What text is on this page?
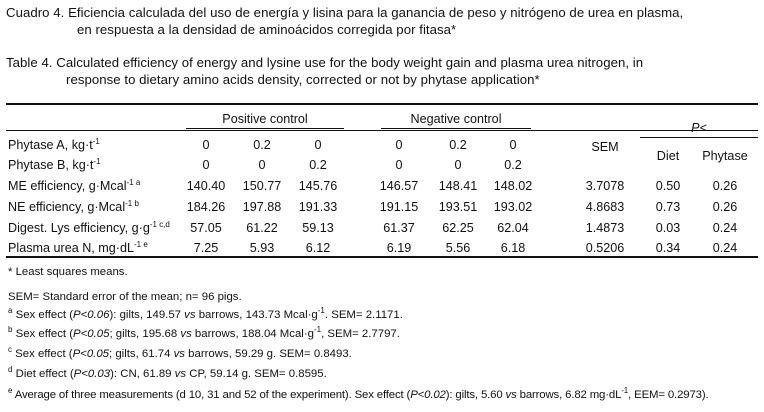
Cuadro 4. Eficiencia calculada del uso de energía y lisina para la ganancia de peso y nitrógeno de urea en plasma,
en respuesta a la densidad de aminoácidos corregida por fitasa*
Table 4. Calculated efficiency of energy and lysine use for the body weight gain and plasma urea nitrogen, in
response to dietary amino acids density, corrected or not by phytase application*
Positive control	Negative control
SEM
P<
Diet	Phytase
Phytase A, $kg\cdot t^{-1}$	0	0.2	0	0	0.2	0
Phytase B, $kg\cdot t^{-1}$	0	0	0.2	0	0	0.2
ME efficiency, g·Mcal$^{-1 a}$	140.40	150.77	145.76	146.57	148.41	148.02	3.7078	0.50	0.26
NE efficiency, g·Mcal$^{-1 b}$	184.26	197.88	191.33	191.15	193.51	193.02	4.8683	0.73	0.26
Digest. Lys efficiency, $g\cdot g^{-1 c,d}$	57.05	61.22	59.13	61.37	62.25	62.04	1.4873	0.03	0.24
Plasma urea N, $mg\cdot dL^{-1 e}$	7.25	5.93	6.12	6.19	5.56	6.18	0.5206	0.34	0.24
* Least squares means.
SEM= Standard error of the mean; n= 96 pigs.
$^a$ Sex effect (P<0.06): gilts, 149.57 vs barrows, 143.73 $Mcal\cdot g^{-1}$. SEM= 2.1171.
$^b$ Sex effect (P<0.05; gilts, 195.68 vs barrows, 188.04 $Mcal\cdot g^{-1}$, SEM= 2.7797.
$^c$ Sex effect (P<0.05; gilts, 61.74 vs barrows, 59.29 g. SEM= 0.8493.
$^d$ Diet effect (P<0.03): CN, 61.89 vs CP, 59.14 g. SEM= 0.8595.
$^e$ Average of three measurements (d 10, 31 and 52 of the experiment). Sex effect (P<0.02): gilts, 5.60 vs barrows, 6.82 $mg\cdot dL^{-1}$, EEM= 0.2973).
